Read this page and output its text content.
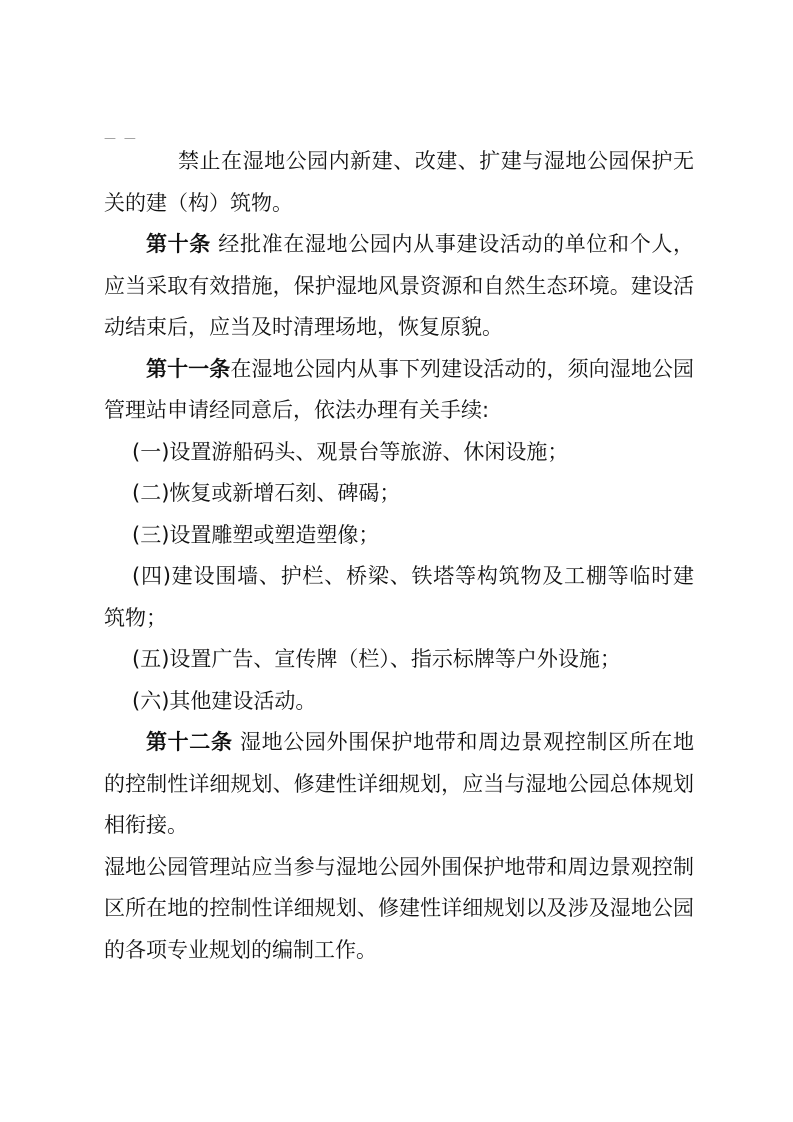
— —

禁止在湿地公园内新建、改建、扩建与湿地公园保护无关的建（构）筑物。

第十条 经批准在湿地公园内从事建设活动的单位和个人，应当采取有效措施，保护湿地风景资源和自然生态环境。建设活动结束后，应当及时清理场地，恢复原貌。

第十一条在湿地公园内从事下列建设活动的，须向湿地公园管理站申请经同意后，依法办理有关手续:

(一)设置游船码头、观景台等旅游、休闲设施；

(二)恢复或新增石刻、碑碣；

(三)设置雕塑或塑造塑像；

(四)建设围墙、护栏、桥梁、铁塔等构筑物及工棚等临时建筑物；

(五)设置广告、宣传牌（栏）、指示标牌等户外设施；

(六)其他建设活动。

第十二条 湿地公园外围保护地带和周边景观控制区所在地的控制性详细规划、修建性详细规划，应当与湿地公园总体规划相衔接。

湿地公园管理站应当参与湿地公园外围保护地带和周边景观控制区所在地的控制性详细规划、修建性详细规划以及涉及湿地公园的各项专业规划的编制工作。
